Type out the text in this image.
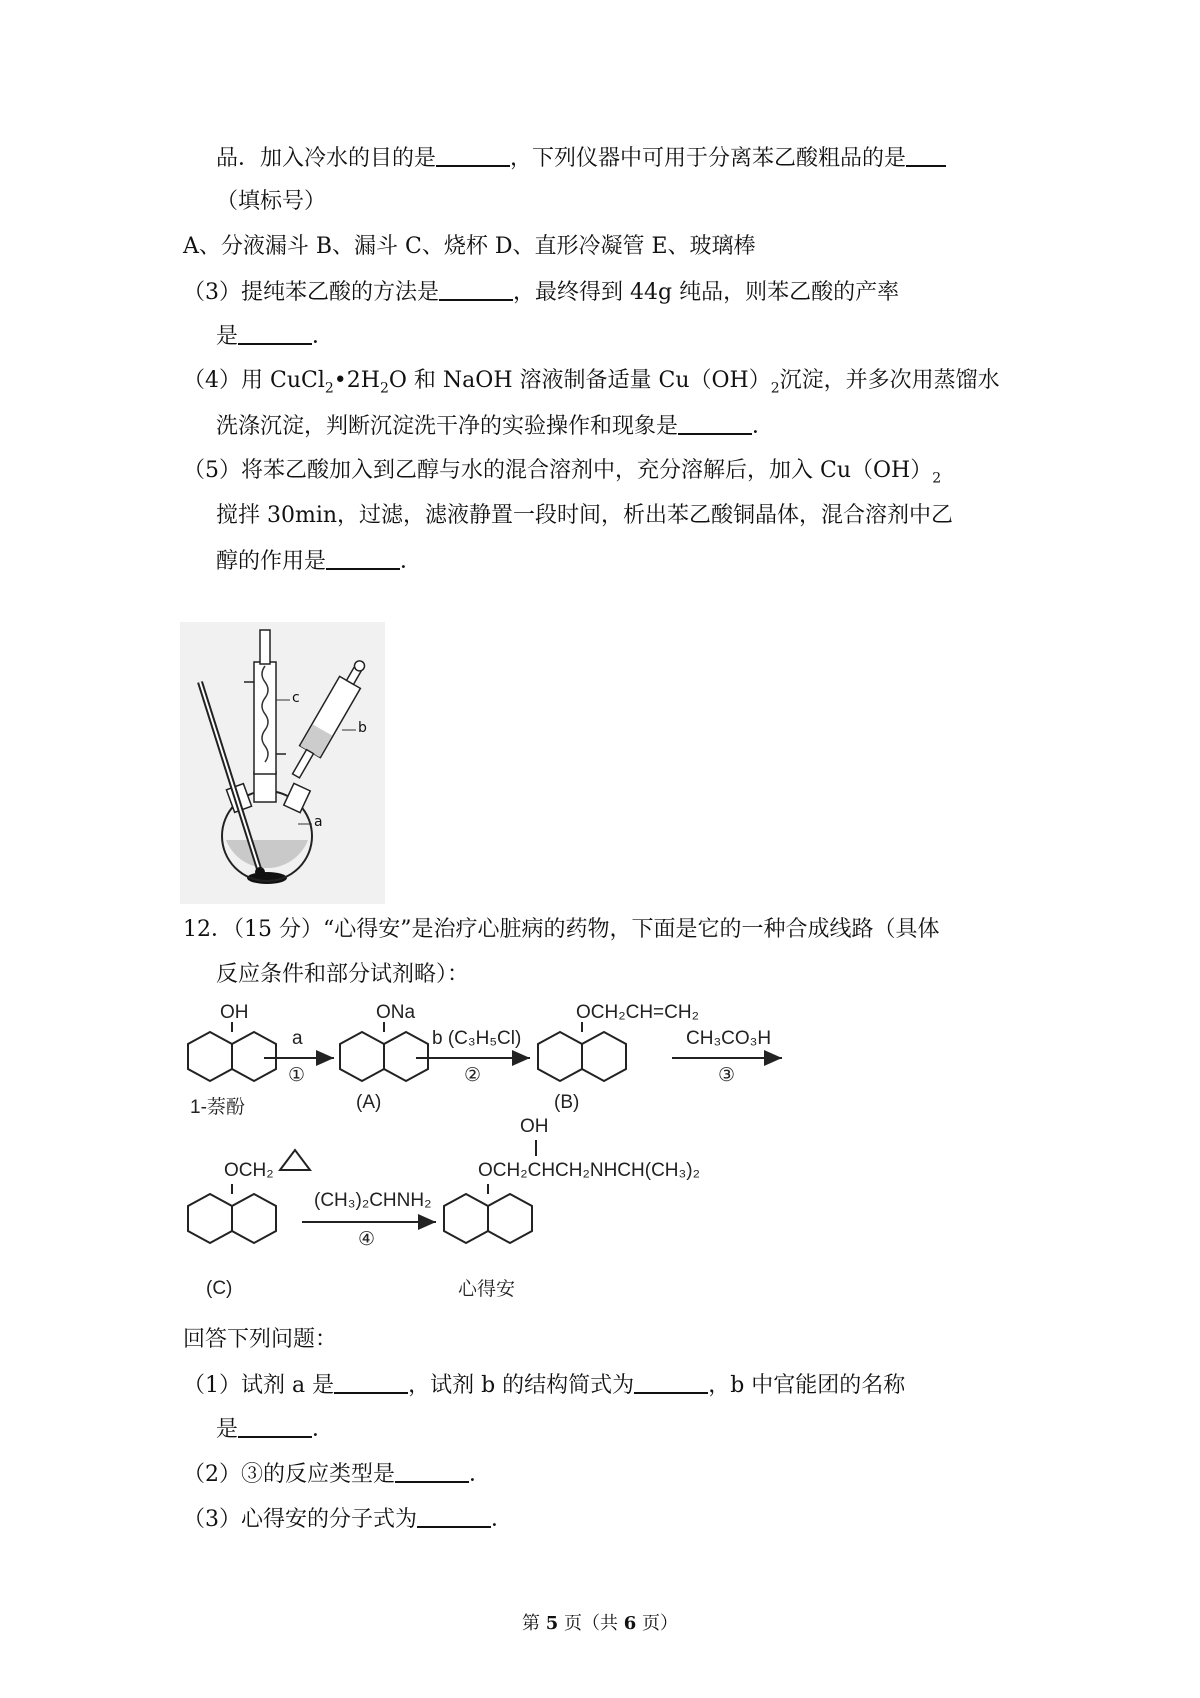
品．加入冷水的目的是	，下列仪器中可用于分离苯乙酸粗品的是
（填标号）
A、分液漏斗 B、漏斗 C、烧杯 D、直形冷凝管 E、玻璃棒
（3）提纯苯乙酸的方法是	，最终得到 44g 纯品，则苯乙酸的产率
是	．
（4）用 $CuCl_2•2H_2O$ 和 NaOH 溶液制备适量 $Cu(OH)_2$沉淀，并多次用蒸馏水
洗涤沉淀，判断沉淀洗干净的实验操作和现象是	．
（5）将苯乙酸加入到乙醇与水的混合溶剂中，充分溶解后，加入 $Cu(OH)_2$
搅拌 30min，过滤，滤液静置一段时间，析出苯乙酸铜晶体，混合溶剂中乙
醇的作用是	．
c
b
a
12．（15 分）“心得安”是治疗心脏病的药物，下面是它的一种合成线路（具体
反应条件和部分试剂略）：
OH	ONa	OCH₂CH=CH₂
a
①
b (C₃H₅Cl)
②
CH₃CO₃H
③
1-萘酚	(A)	(B)
OCH₂
(CH₃)₂CHNH₂
④
OH
OCH₂CHCH₂NHCH(CH₃)₂
(C)	心得安
回答下列问题：
（1）试剂 a 是	，试剂 b 的结构简式为	，b 中官能团的名称
是	．
（2）③的反应类型是	．
（3）心得安的分子式为	．
第 5 页（共 6 页）
